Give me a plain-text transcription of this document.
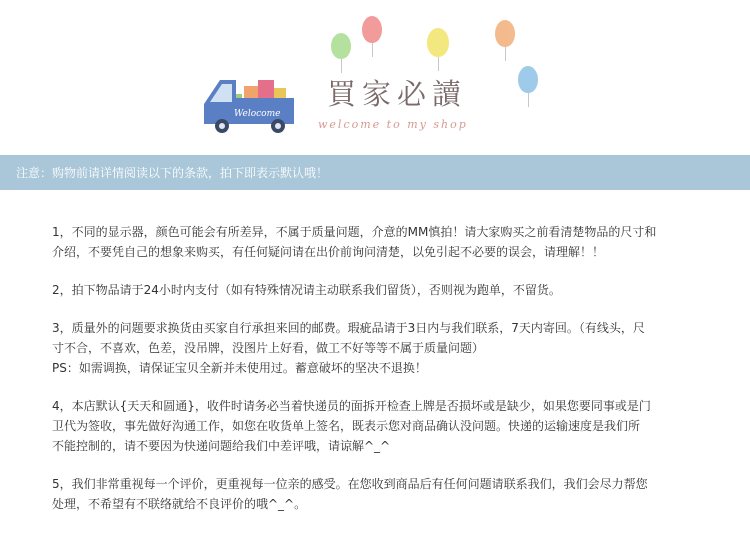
Welocome
買家必讀
welcome to my shop
注意：购物前请详情阅读以下的条款，拍下即表示默认哦！

1，不同的显示器，颜色可能会有所差异，不属于质量问题，介意的MM慎拍！请大家购买之前看清楚物品的尺寸和
介绍，不要凭自己的想象来购买，有任何疑问请在出价前询问清楚，以免引起不必要的误会，请理解！！

2，拍下物品请于24小时内支付（如有特殊情况请主动联系我们留货），否则视为跑单，不留货。

3，质量外的问题要求换货由买家自行承担来回的邮费。瑕疵品请于3日内与我们联系，7天内寄回。（有线头，尺
寸不合，不喜欢，色差，没吊牌，没图片上好看，做工不好等等不属于质量问题）
PS：如需调换，请保证宝贝全新并未使用过。蓄意破坏的坚决不退换！

4，本店默认{天天和圆通}，收件时请务必当着快递员的面拆开检查上牌是否损坏或是缺少，如果您要同事或是门
卫代为签收，事先做好沟通工作，如您在收货单上签名，既表示您对商品确认没问题。快递的运输速度是我们所
不能控制的，请不要因为快递问题给我们中差评哦，请谅解^_^

5，我们非常重视每一个评价，更重视每一位亲的感受。在您收到商品后有任何问题请联系我们，我们会尽力帮您
处理，不希望有不联络就给不良评价的哦^_^。
